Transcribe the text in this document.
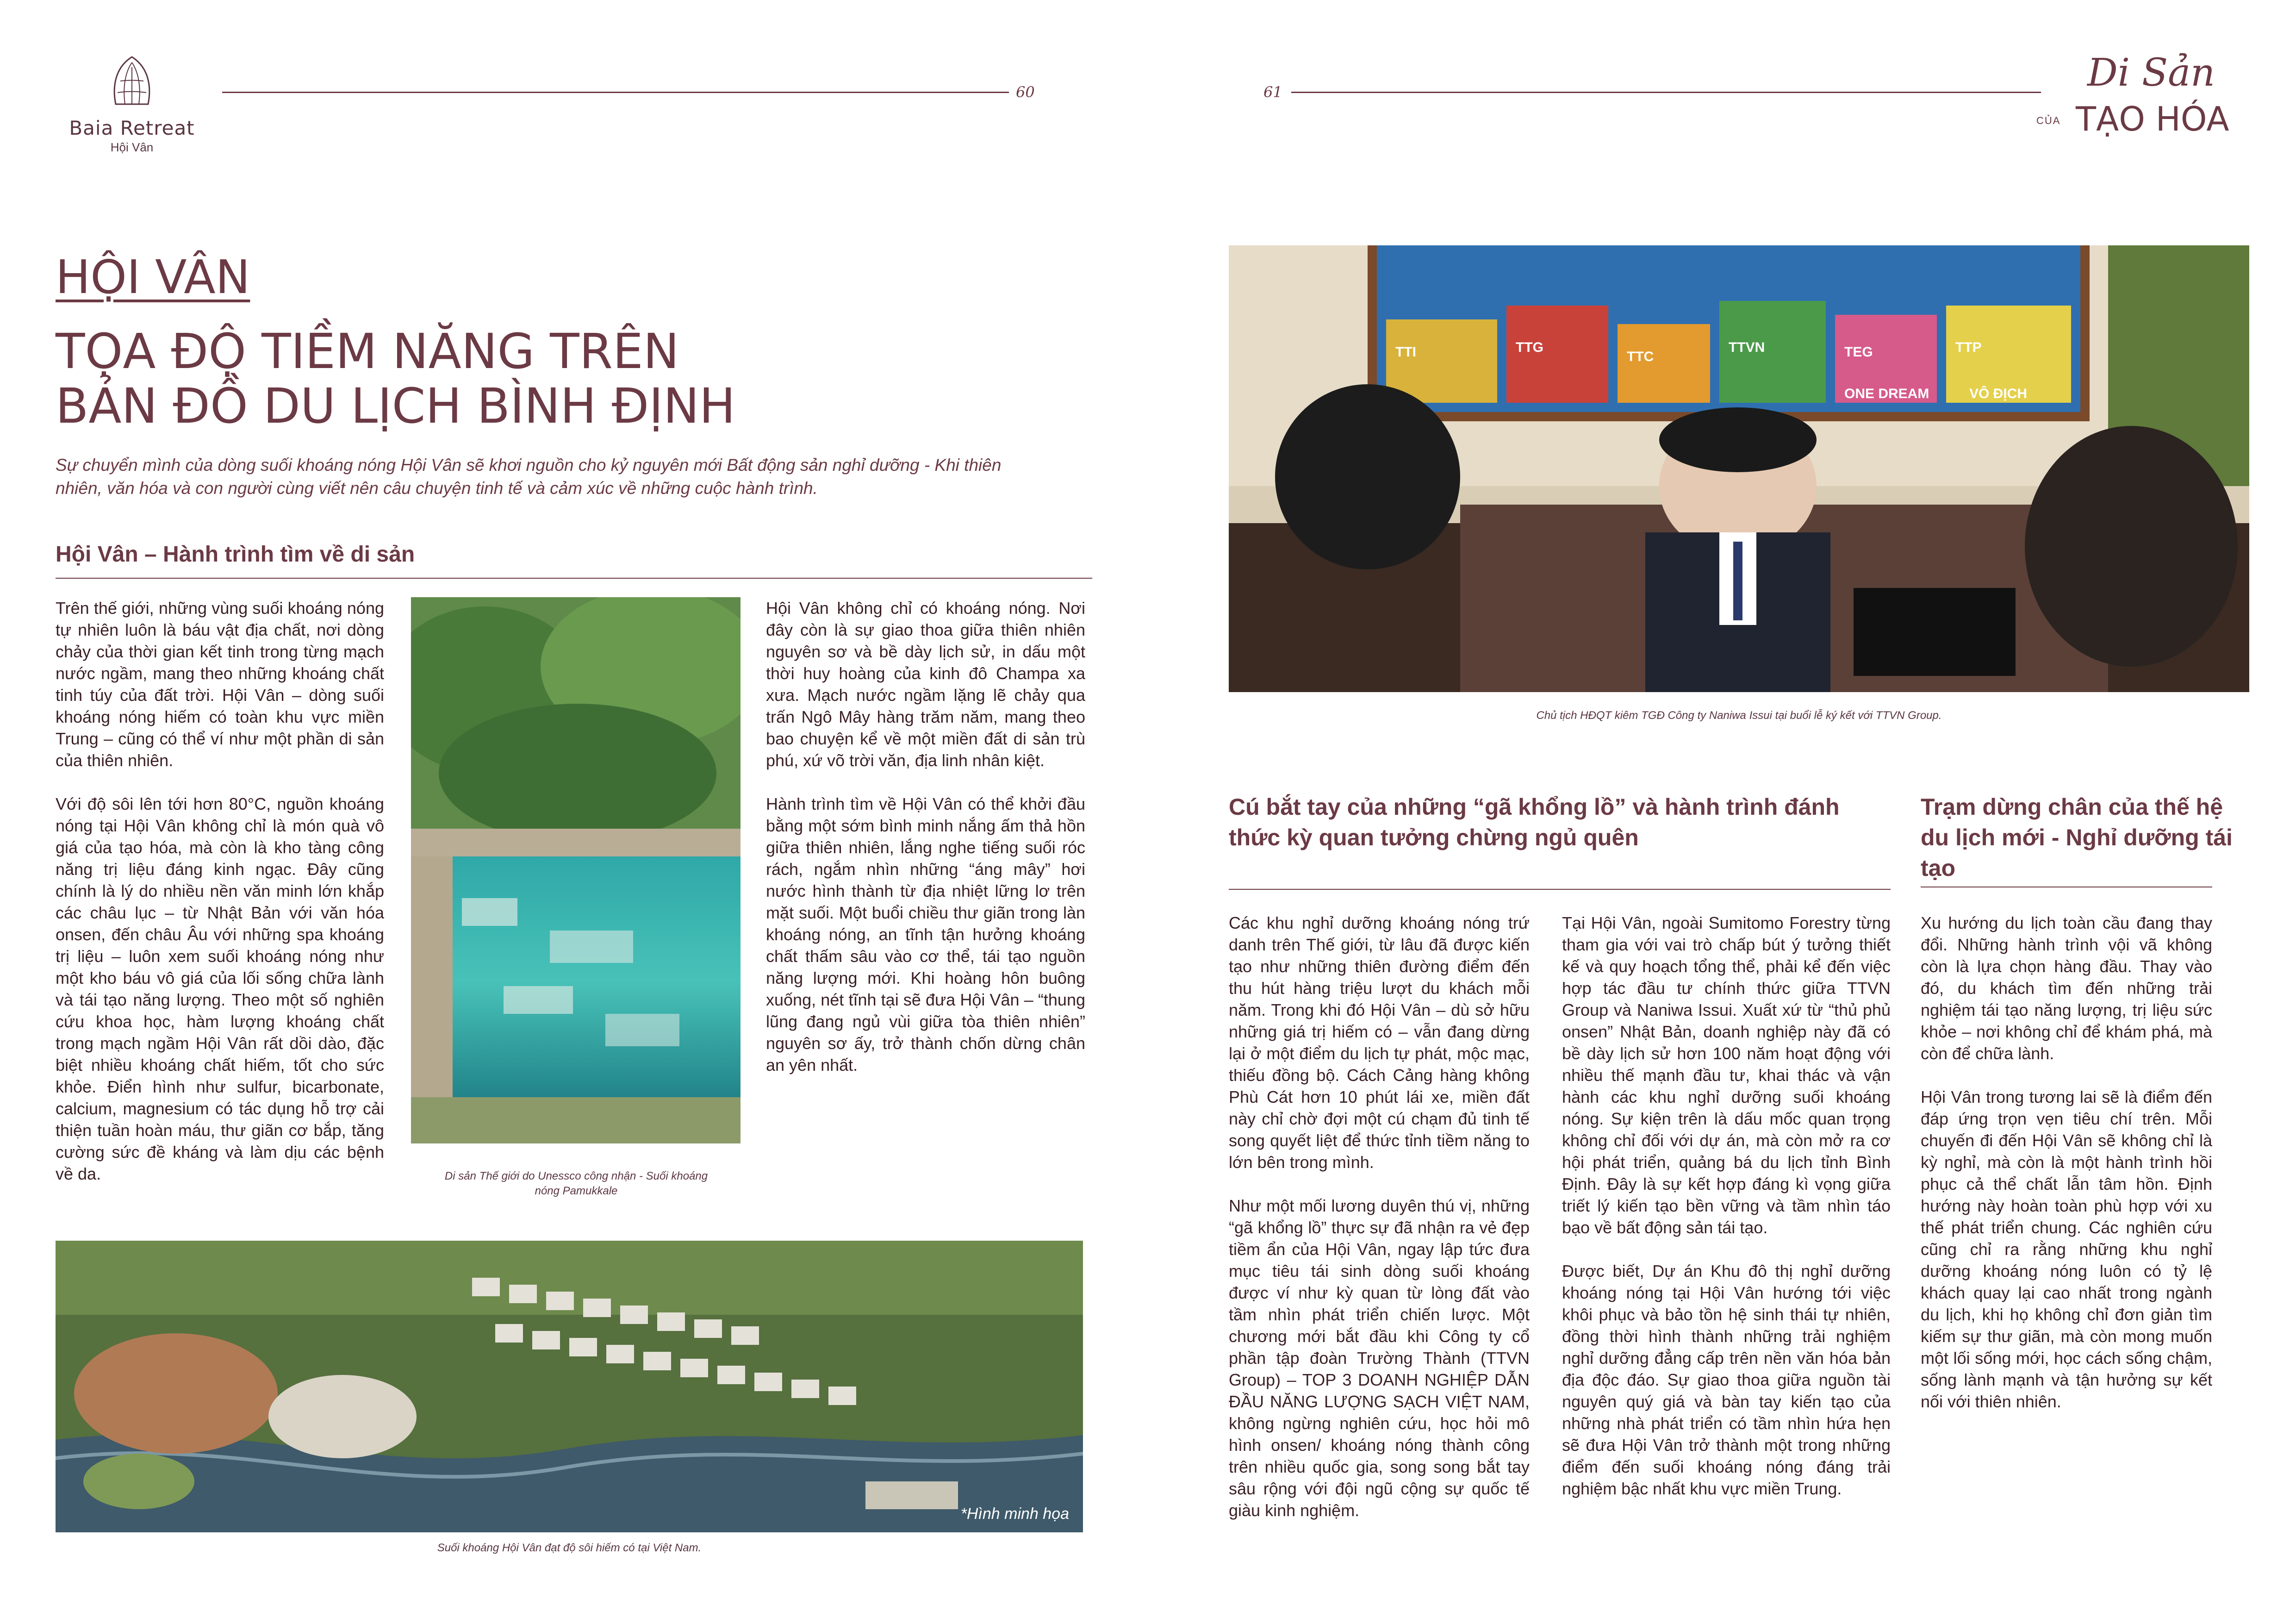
Baia Retreat
Hội Vân
60	61	Di Sản
CỦA TẠO HÓA
HỘI VÂN
TỌA ĐỘ TIỀM NĂNG TRÊN
BẢN ĐỒ DU LỊCH BÌNH ĐỊNH
Sự chuyển mình của dòng suối khoáng nóng Hội Vân sẽ khơi nguồn cho kỷ nguyên mới Bất động sản nghỉ dưỡng - Khi thiên nhiên, văn hóa và con người cùng viết nên câu chuyện tinh tế và cảm xúc về những cuộc hành trình.
Hội Vân – Hành trình tìm về di sản

Trên thế giới, những vùng suối khoáng nóng tự nhiên luôn là báu vật địa chất, nơi dòng chảy của thời gian kết tinh trong từng mạch nước ngầm, mang theo những khoáng chất tinh túy của đất trời. Hội Vân – dòng suối khoáng nóng hiếm có toàn khu vực miền Trung – cũng có thể ví như một phần di sản của thiên nhiên.

Với độ sôi lên tới hơn 80°C, nguồn khoáng nóng tại Hội Vân không chỉ là món quà vô giá của tạo hóa, mà còn là kho tàng công năng trị liệu đáng kinh ngạc. Đây cũng chính là lý do nhiều nền văn minh lớn khắp các châu lục – từ Nhật Bản với văn hóa onsen, đến châu Âu với những spa khoáng trị liệu – luôn xem suối khoáng nóng như một kho báu vô giá của lối sống chữa lành và tái tạo năng lượng. Theo một số nghiên cứu khoa học, hàm lượng khoáng chất trong mạch ngầm Hội Vân rất dồi dào, đặc biệt nhiều khoáng chất hiếm, tốt cho sức khỏe. Điển hình như sulfur, bicarbonate, calcium, magnesium có tác dụng hỗ trợ cải thiện tuần hoàn máu, thư giãn cơ bắp, tăng cường sức đề kháng và làm dịu các bệnh về da.	Di sản Thế giới do Unessco công nhận - Suối khoáng nóng Pamukkale

Hội Vân không chỉ có khoáng nóng. Nơi đây còn là sự giao thoa giữa thiên nhiên nguyên sơ và bề dày lịch sử, in dấu một thời huy hoàng của kinh đô Champa xa xưa. Mạch nước ngầm lặng lẽ chảy qua trấn Ngô Mây hàng trăm năm, mang theo bao chuyện kể về một miền đất di sản trù phú, xứ võ trời văn, địa linh nhân kiệt.

Hành trình tìm về Hội Vân có thể khởi đầu bằng một sớm bình minh nắng ấm thả hồn giữa thiên nhiên, lắng nghe tiếng suối róc rách, ngắm nhìn những “áng mây” hơi nước hình thành từ địa nhiệt lững lơ trên mặt suối. Một buổi chiều thư giãn trong làn khoáng nóng, an tĩnh tận hưởng khoáng chất thấm sâu vào cơ thể, tái tạo nguồn năng lượng mới. Khi hoàng hôn buông xuống, nét tĩnh tại sẽ đưa Hội Vân – “thung lũng đang ngủ vùi giữa tòa thiên nhiên” nguyên sơ ấy, trở thành chốn dừng chân an yên nhất.

*Hình minh họa
Suối khoáng Hội Vân đạt độ sôi hiếm có tại Việt Nam.
TTI	TTG
TTC
TTVN	TEG	TTP
ONE DREAM	VÔ ĐỊCH
Chủ tịch HĐQT kiêm TGĐ Công ty Naniwa Issui tại buổi lễ ký kết với TTVN Group.
Cú bắt tay của những “gã khổng lồ” và hành trình đánh thức kỳ quan tưởng chừng ngủ quên
Trạm dừng chân của thế hệ du lịch mới - Nghỉ dưỡng tái tạo

Các khu nghỉ dưỡng khoáng nóng trứ danh trên Thế giới, từ lâu đã được kiến tạo như những thiên đường điểm đến thu hút hàng triệu lượt du khách mỗi năm. Trong khi đó Hội Vân – dù sở hữu những giá trị hiếm có – vẫn đang dừng lại ở một điểm du lịch tự phát, mộc mạc, thiếu đồng bộ. Cách Cảng hàng không Phù Cát hơn 10 phút lái xe, miền đất này chỉ chờ đợi một cú chạm đủ tinh tế song quyết liệt để thức tỉnh tiềm năng to lớn bên trong mình.

Như một mối lương duyên thú vị, những “gã khổng lồ” thực sự đã nhận ra vẻ đẹp tiềm ẩn của Hội Vân, ngay lập tức đưa mục tiêu tái sinh dòng suối khoáng được ví như kỳ quan từ lòng đất vào tầm nhìn phát triển chiến lược. Một chương mới bắt đầu khi Công ty cổ phần tập đoàn Trường Thành (TTVN Group) – TOP 3 DOANH NGHIỆP DẪN ĐẦU NĂNG LƯỢNG SẠCH VIỆT NAM, không ngừng nghiên cứu, học hỏi mô hình onsen/ khoáng nóng thành công trên nhiều quốc gia, song song bắt tay sâu rộng với đội ngũ cộng sự quốc tế giàu kinh nghiệm.

Tại Hội Vân, ngoài Sumitomo Forestry từng tham gia với vai trò chấp bút ý tưởng thiết kế và quy hoạch tổng thể, phải kể đến việc hợp tác đầu tư chính thức giữa TTVN Group và Naniwa Issui. Xuất xứ từ “thủ phủ onsen” Nhật Bản, doanh nghiệp này đã có bề dày lịch sử hơn 100 năm hoạt động với nhiều thế mạnh đầu tư, khai thác và vận hành các khu nghỉ dưỡng suối khoáng nóng. Sự kiện trên là dấu mốc quan trọng không chỉ đối với dự án, mà còn mở ra cơ hội phát triển, quảng bá du lịch tỉnh Bình Định. Đây là sự kết hợp đáng kì vọng giữa triết lý kiến tạo bền vững và tầm nhìn táo bạo về bất động sản tái tạo.

Được biết, Dự án Khu đô thị nghỉ dưỡng khoáng nóng tại Hội Vân hướng tới việc khôi phục và bảo tồn hệ sinh thái tự nhiên, đồng thời hình thành những trải nghiệm nghỉ dưỡng đẳng cấp trên nền văn hóa bản địa độc đáo. Sự giao thoa giữa nguồn tài nguyên quý giá và bàn tay kiến tạo của những nhà phát triển có tầm nhìn hứa hẹn sẽ đưa Hội Vân trở thành một trong những điểm đến suối khoáng nóng đáng trải nghiệm bậc nhất khu vực miền Trung.

Xu hướng du lịch toàn cầu đang thay đổi. Những hành trình vội vã không còn là lựa chọn hàng đầu. Thay vào đó, du khách tìm đến những trải nghiệm tái tạo năng lượng, trị liệu sức khỏe – nơi không chỉ để khám phá, mà còn để chữa lành.

Hội Vân trong tương lai sẽ là điểm đến đáp ứng trọn vẹn tiêu chí trên. Mỗi chuyến đi đến Hội Vân sẽ không chỉ là kỳ nghỉ, mà còn là một hành trình hồi phục cả thể chất lẫn tâm hồn. Định hướng này hoàn toàn phù hợp với xu thế phát triển chung. Các nghiên cứu cũng chỉ ra rằng những khu nghỉ dưỡng khoáng nóng luôn có tỷ lệ khách quay lại cao nhất trong ngành du lịch, khi họ không chỉ đơn giản tìm kiếm sự thư giãn, mà còn mong muốn một lối sống mới, học cách sống chậm, sống lành mạnh và tận hưởng sự kết nối với thiên nhiên.
